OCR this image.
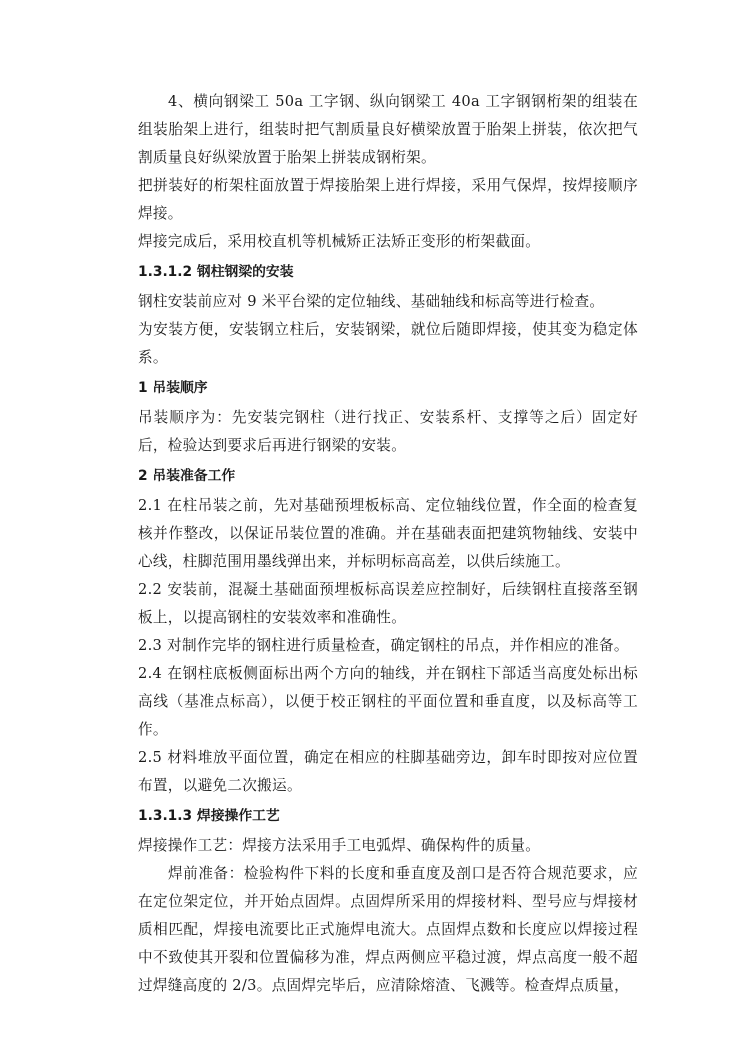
4、横向钢梁工 50a 工字钢、纵向钢梁工 40a 工字钢钢桁架的组装在组装胎架上进行，组装时把气割质量良好横梁放置于胎架上拼装，依次把气割质量良好纵梁放置于胎架上拼装成钢桁架。

把拼装好的桁架柱面放置于焊接胎架上进行焊接，采用气保焊，按焊接顺序焊接。

焊接完成后，采用校直机等机械矫正法矫正变形的桁架截面。

1.3.1.2 钢柱钢梁的安装

钢柱安装前应对 9 米平台梁的定位轴线、基础轴线和标高等进行检查。

为安装方便，安装钢立柱后，安装钢梁，就位后随即焊接，使其变为稳定体系。

1 吊装顺序

吊装顺序为：先安装完钢柱（进行找正、安装系杆、支撑等之后）固定好后，检验达到要求后再进行钢梁的安装。

2 吊装准备工作

2.1 在柱吊装之前，先对基础预埋板标高、定位轴线位置，作全面的检查复核并作整改，以保证吊装位置的准确。并在基础表面把建筑物轴线、安装中心线，柱脚范围用墨线弹出来，并标明标高高差，以供后续施工。

2.2 安装前，混凝土基础面预埋板标高误差应控制好，后续钢柱直接落至钢板上，以提高钢柱的安装效率和准确性。

2.3 对制作完毕的钢柱进行质量检查，确定钢柱的吊点，并作相应的准备。

2.4 在钢柱底板侧面标出两个方向的轴线，并在钢柱下部适当高度处标出标高线（基准点标高），以便于校正钢柱的平面位置和垂直度，以及标高等工作。

2.5 材料堆放平面位置，确定在相应的柱脚基础旁边，卸车时即按对应位置布置，以避免二次搬运。

1.3.1.3 焊接操作工艺

焊接操作工艺：焊接方法采用手工电弧焊、确保构件的质量。

焊前准备：检验构件下料的长度和垂直度及剖口是否符合规范要求，应在定位架定位，并开始点固焊。点固焊所采用的焊接材料、型号应与焊接材质相匹配，焊接电流要比正式施焊电流大。点固焊点数和长度应以焊接过程中不致使其开裂和位置偏移为准，焊点两侧应平稳过渡，焊点高度一般不超过焊缝高度的 2/3。点固焊完毕后，应清除熔渣、飞溅等。检查焊点质量，
